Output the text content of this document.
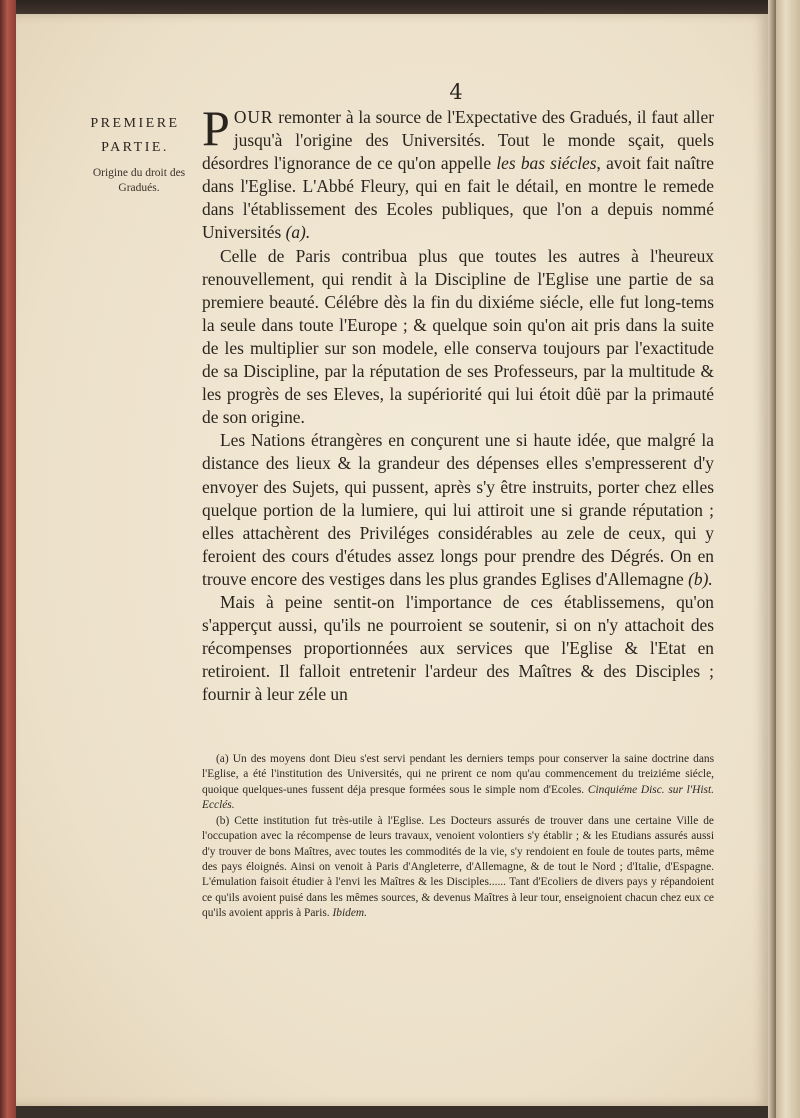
4
PREMIERE
PARTIE.
Origine du droit des Gradués.

POUR remonter à la source de l'Expectative des Gradués, il faut aller jusqu'à l'origine des Universités. Tout le monde sçait, quels désordres l'ignorance de ce qu'on appelle les bas siécles, avoit fait naître dans l'Eglise. L'Abbé Fleury, qui en fait le détail, en montre le remede dans l'établissement des Ecoles publiques, que l'on a depuis nommé Universités (a).

Celle de Paris contribua plus que toutes les autres à l'heureux renouvellement, qui rendit à la Discipline de l'Eglise une partie de sa premiere beauté. Célébre dès la fin du dixiéme siécle, elle fut long-tems la seule dans toute l'Europe ; & quelque soin qu'on ait pris dans la suite de les multiplier sur son modele, elle conserva toujours par l'exactitude de sa Discipline, par la réputation de ses Professeurs, par la multitude & les progrès de ses Eleves, la supériorité qui lui étoit dûë par la primauté de son origine.

Les Nations étrangères en conçurent une si haute idée, que malgré la distance des lieux & la grandeur des dépenses elles s'empresserent d'y envoyer des Sujets, qui pussent, après s'y être instruits, porter chez elles quelque portion de la lumiere, qui lui attiroit une si grande réputation ; elles attachèrent des Priviléges considérables au zele de ceux, qui y feroient des cours d'études assez longs pour prendre des Dégrés. On en trouve encore des vestiges dans les plus grandes Eglises d'Allemagne (b).

Mais à peine sentit-on l'importance de ces établissemens, qu'on s'apperçut aussi, qu'ils ne pourroient se soutenir, si on n'y attachoit des récompenses proportionnées aux services que l'Eglise & l'Etat en retiroient. Il falloit entretenir l'ardeur des Maîtres & des Disciples ; fournir à leur zéle un

(a) Un des moyens dont Dieu s'est servi pendant les derniers temps pour conserver la saine doctrine dans l'Eglise, a été l'institution des Universités, qui ne prirent ce nom qu'au commencement du treiziéme siécle, quoique quelques-unes fussent déja presque formées sous le simple nom d'Ecoles. Cinquiéme Disc. sur l'Hist. Ecclés.

(b) Cette institution fut très-utile à l'Eglise. Les Docteurs assurés de trouver dans une certaine Ville de l'occupation avec la récompense de leurs travaux, venoient volontiers s'y établir ; & les Etudians assurés aussi d'y trouver de bons Maîtres, avec toutes les commodités de la vie, s'y rendoient en foule de toutes parts, même des pays éloignés. Ainsi on venoit à Paris d'Angleterre, d'Allemagne, & de tout le Nord ; d'Italie, d'Espagne. L'émulation faisoit étudier à l'envi les Maîtres & les Disciples...... Tant d'Ecoliers de divers pays y répandoient ce qu'ils avoient puisé dans les mêmes sources, & devenus Maîtres à leur tour, enseignoient chacun chez eux ce qu'ils avoient appris à Paris. Ibidem.
